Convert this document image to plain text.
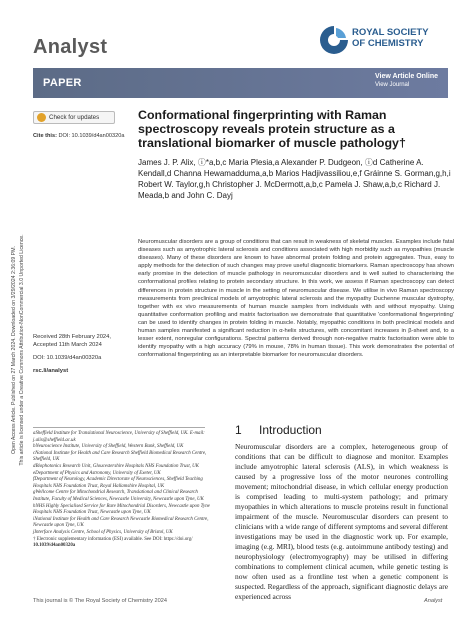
Analyst
ROYAL SOCIETY
OF CHEMISTRY
PAPER
View Article Online
View Journal
Open Access Article. Published on 27 March 2024. Downloaded on 3/29/2024 2:36:09 PM. This article is licensed under a Creative Commons Attribution-NonCommercial 3.0 Unported Licence.
Check for updates
Cite this: DOI: 10.1039/d4an00320a
Conformational fingerprinting with Raman spectroscopy reveals protein structure as a translational biomarker of muscle pathology†
James J. P. Alix, ⓘ*a,b,c Maria Plesia,a Alexander P. Dudgeon, ⓘd Catherine A. Kendall,d Channa Hewamadduma,a,b Marios Hadjivassiliou,e,f Gráinne S. Gorman,g,h,i Robert W. Taylor,g,h Christopher J. McDermott,a,b,c Pamela J. Shaw,a,b,c Richard J. Meada,b and John C. Dayj
Neuromuscular disorders are a group of conditions that can result in weakness of skeletal muscles. Examples include fatal diseases such as amyotrophic lateral sclerosis and conditions associated with high morbidity such as myopathies (muscle diseases). Many of these disorders are known to have abnormal protein folding and protein aggregates. Thus, easy to apply methods for the detection of such changes may prove useful diagnostic biomarkers. Raman spectroscopy has shown early promise in the detection of muscle pathology in neuromuscular disorders and is well suited to characterising the conformational profiles relating to protein secondary structure. In this work, we assess if Raman spectroscopy can detect differences in protein structure in muscle in the setting of neuromuscular disease. We utilise in vivo Raman spectroscopy measurements from preclinical models of amyotrophic lateral sclerosis and the myopathy Duchenne muscular dystrophy, together with ex vivo measurements of human muscle samples from individuals with and without myopathy. Using quantitative conformation profiling and matrix factorisation we demonstrate that quantitative 'conformational fingerprinting' can be used to identify changes in protein folding in muscle. Notably, myopathic conditions in both preclinical models and human samples manifested a significant reduction in α-helix structures, with concomitant increases in β-sheet and, to a lesser extent, nonregular configurations. Spectral patterns derived through non-negative matrix factorisation were able to identify myopathy with a high accuracy (79% in mouse, 78% in human tissue). This work demonstrates the potential of conformational fingerprinting as an interpretable biomarker for neuromuscular disorders.
Received 28th February 2024,
Accepted 11th March 2024
DOI: 10.1039/d4an00320a
rsc.li/analyst
aSheffield Institute for Translational Neuroscience, University of Sheffield, UK. E-mail: j.alix@sheffield.ac.uk
bNeuroscience Institute, University of Sheffield, Western Bank, Sheffield, UK
cNational Institute for Health and Care Research Sheffield Biomedical Research Centre, Sheffield, UK
dBiophotonics Research Unit, Gloucestershire Hospitals NHS Foundation Trust, UK
eDepartment of Physics and Astronomy, University of Exeter, UK
fDepartment of Neurology, Academic Directorate of Neurosciences, Sheffield Teaching Hospitals NHS Foundation Trust, Royal Hallamshire Hospital, UK
gWellcome Centre for Mitochondrial Research, Translational and Clinical Research Institute, Faculty of Medical Sciences, Newcastle University, Newcastle upon Tyne, UK
hNHS Highly Specialised Service for Rare Mitochondrial Disorders, Newcastle upon Tyne Hospitals NHS Foundation Trust, Newcastle upon Tyne, UK
iNational Institute for Health and Care Research Newcastle Biomedical Research Centre, Newcastle upon Tyne, UK
jInterface Analysis Centre, School of Physics, University of Bristol, UK
† Electronic supplementary information (ESI) available. See DOI: https://doi.org/
10.1039/d4an00320a
1 Introduction
Neuromuscular disorders are a complex, heterogeneous group of conditions that can be difficult to diagnose and monitor. Examples include amyotrophic lateral sclerosis (ALS), in which weakness is caused by a progressive loss of the motor neurones controlling movement; mitochondrial disease, in which cellular energy production is comprised leading to multi-system pathology; and primary myopathies in which alterations to muscle proteins result in functional impairment of the muscle. Neuromuscular disorders can present to clinicians with a wide range of different symptoms and several different investigations may be used in the diagnostic work up. For example, imaging (e.g. MRI), blood tests (e.g. autoimmune antibody testing) and neurophysiology (electromyography) may be utilised in differing combinations to complement clinical acumen, while genetic testing is now often used as a frontline test when a genetic component is suspected. Regardless of the approach, significant diagnostic delays are experienced across
This journal is © The Royal Society of Chemistry 2024	Analyst
